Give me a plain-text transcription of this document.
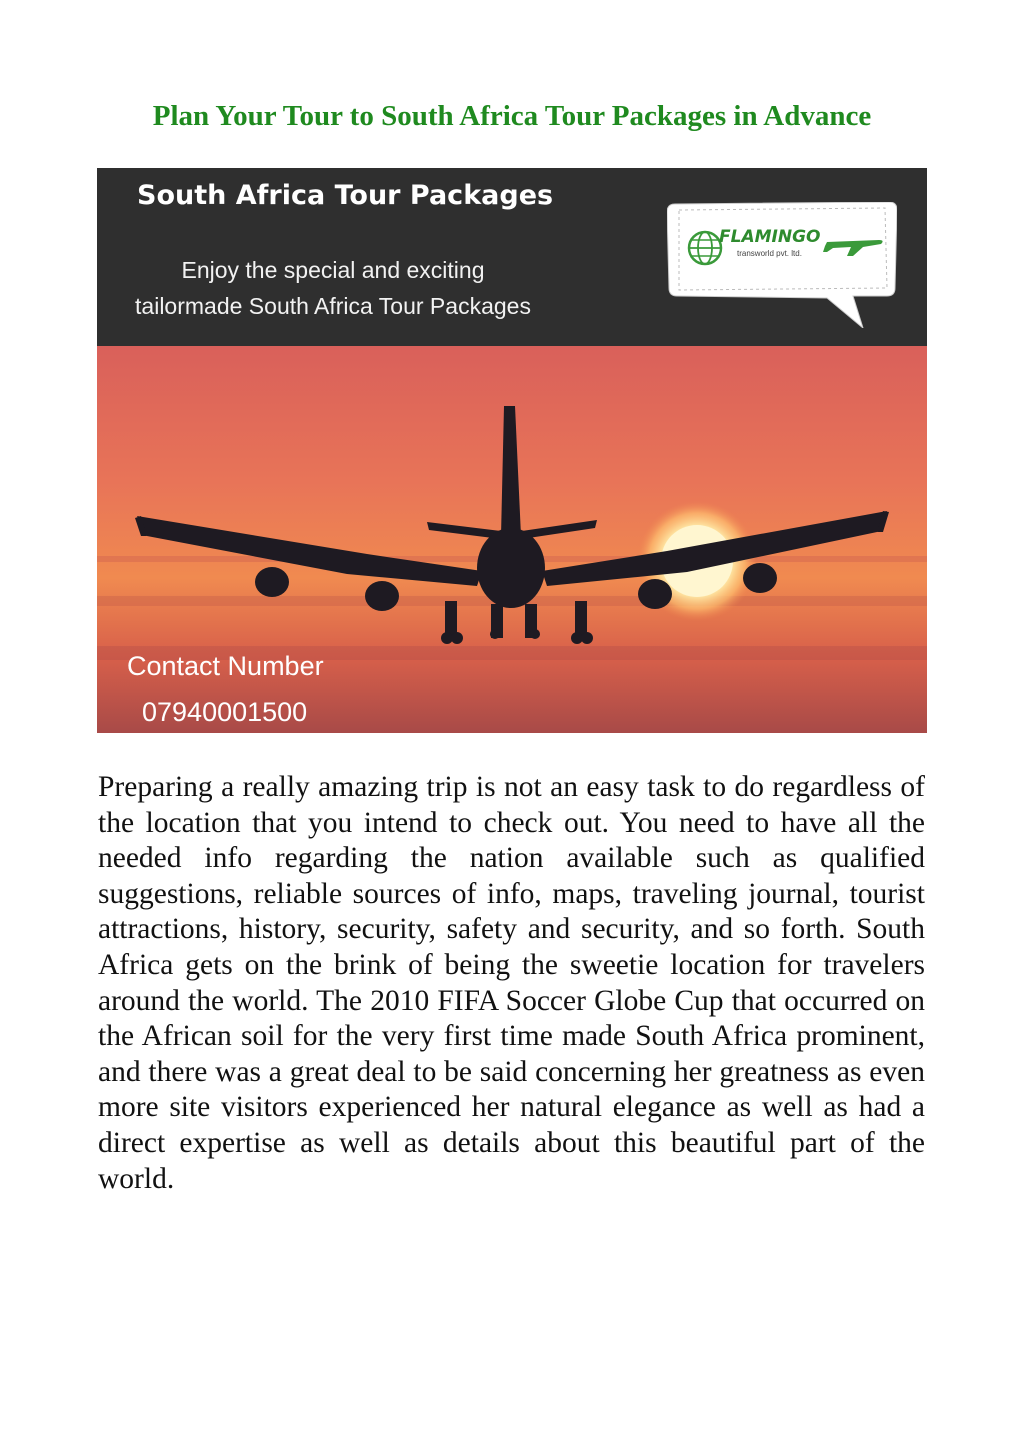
Plan Your Tour to South Africa Tour Packages in Advance
South Africa Tour Packages
Enjoy the special and exciting tailormade South Africa Tour Packages
FLAMINGO
transworld pvt. ltd.
Contact Number
07940001500

Preparing a really amazing trip is not an easy task to do regardless of the location that you intend to check out. You need to have all the needed info regarding the nation available such as qualified suggestions, reliable sources of info, maps, traveling journal, tourist attractions, history, security, safety and security, and so forth. South Africa gets on the brink of being the sweetie location for travelers around the world. The 2010 FIFA Soccer Globe Cup that occurred on the African soil for the very first time made South Africa prominent, and there was a great deal to be said concerning her greatness as even more site visitors experienced her natural elegance as well as had a direct expertise as well as details about this beautiful part of the world.
